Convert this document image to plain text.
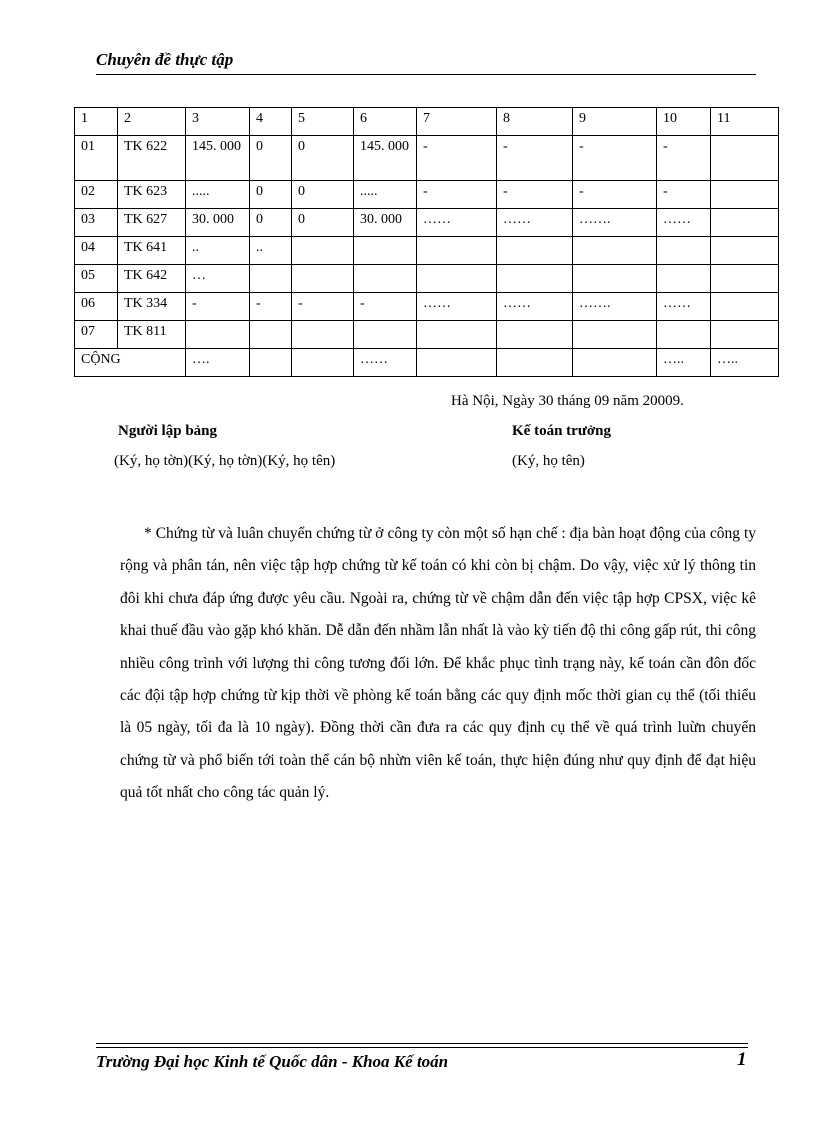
Chuyên đề thực tập
1	2	3	4	5	6	7	8	9	10	11
01	TK 622	145. 000	0	0	145. 000	-	-	-	-	
02	TK 623	.....	0	0	.....	-	-	-	-	
03	TK 627	30. 000	0	0	30. 000	……	……	…….	……	
04	TK 641	..	..							
05	TK 642	…								
06	TK 334	-	-	-	-	……	……	…….	……	
07	TK 811									
CỘNG		….			……				…..	…..
Hà Nội, Ngày 30 tháng 09 năm 20009.
Người lập bảng
(Ký, họ tờn)(Ký, họ tờn)(Ký, họ tên)
Kế toán trưởng
(Ký, họ tên)

* Chứng từ và luân chuyển chứng từ ở công ty còn một số hạn chế : địa bàn hoạt động của công ty rộng và phân tán, nên việc tập hợp chứng từ kế toán có khi còn bị chậm. Do vậy, việc xử lý thông tin đôi khi chưa đáp ứng được yêu cầu. Ngoài ra, chứng từ về chậm dẫn đến việc tập hợp CPSX, việc kê khai thuế đầu vào gặp khó khăn. Dễ dẫn đến nhầm lẫn nhất là vào kỳ tiến độ thi công gấp rút, thi công nhiều công trình với lượng thi công tương đối lớn. Để khắc phục tình trạng này, kế toán cần đôn đốc các đội tập hợp chứng từ kịp thời về phòng kế toán bằng các quy định mốc thời gian cụ thể (tối thiểu là 05 ngày, tối đa là 10 ngày). Đồng thời cần đưa ra các quy định cụ thể về quá trình luừn chuyển chứng từ và phổ biến tới toàn thể cán bộ nhừn viên kế toán, thực hiện đúng như quy định để đạt hiệu quả tốt nhất cho công tác quản lý.

Trường Đại học Kinh tế Quốc dân - Khoa Kế toán	1
